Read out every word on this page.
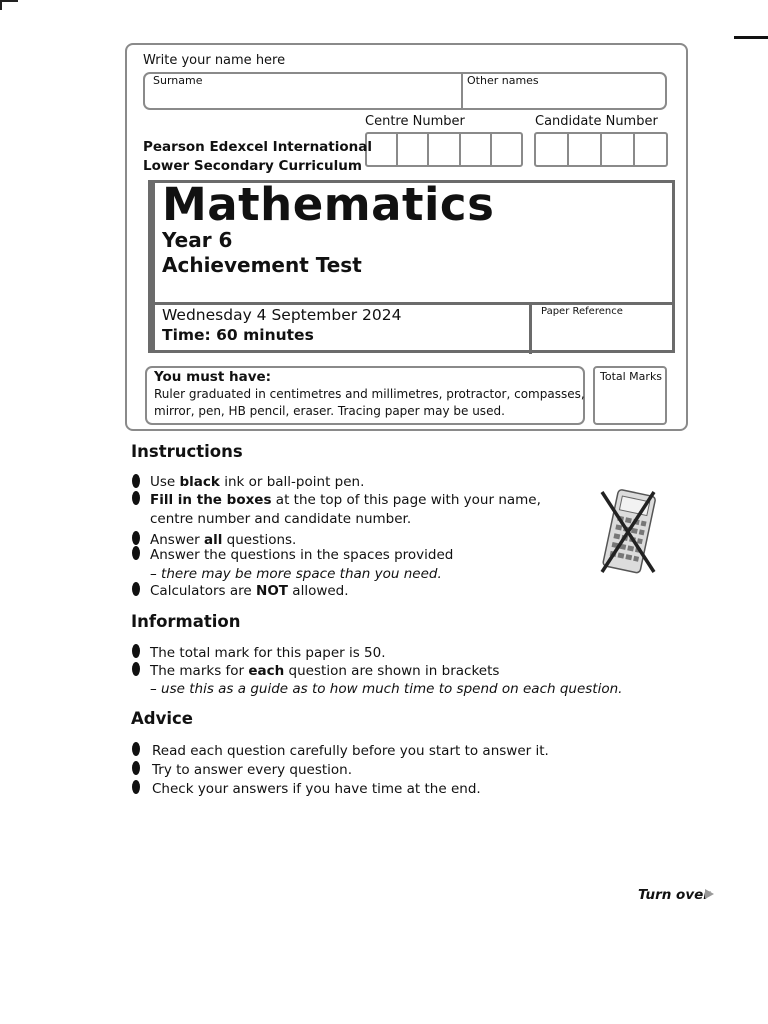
Write your name here
Surname	Other names
Centre Number	Candidate Number
Pearson Edexcel International
Lower Secondary Curriculum
Mathematics
Year 6
Achievement Test
Wednesday 4 September 2024
Time: 60 minutes
Paper Reference
You must have:
Ruler graduated in centimetres and millimetres, protractor, compasses,
mirror, pen, HB pencil, eraser. Tracing paper may be used.
Total Marks
Instructions
Information
Advice
Use black ink or ball-point pen.
Fill in the boxes at the top of this page with your name,
centre number and candidate number.
Answer all questions.
Answer the questions in the spaces provided
– there may be more space than you need.
Calculators are NOT allowed.
The total mark for this paper is 50.
The marks for each question are shown in brackets
– use this as a guide as to how much time to spend on each question.
Read each question carefully before you start to answer it.
Try to answer every question.
Check your answers if you have time at the end.
Turn over
